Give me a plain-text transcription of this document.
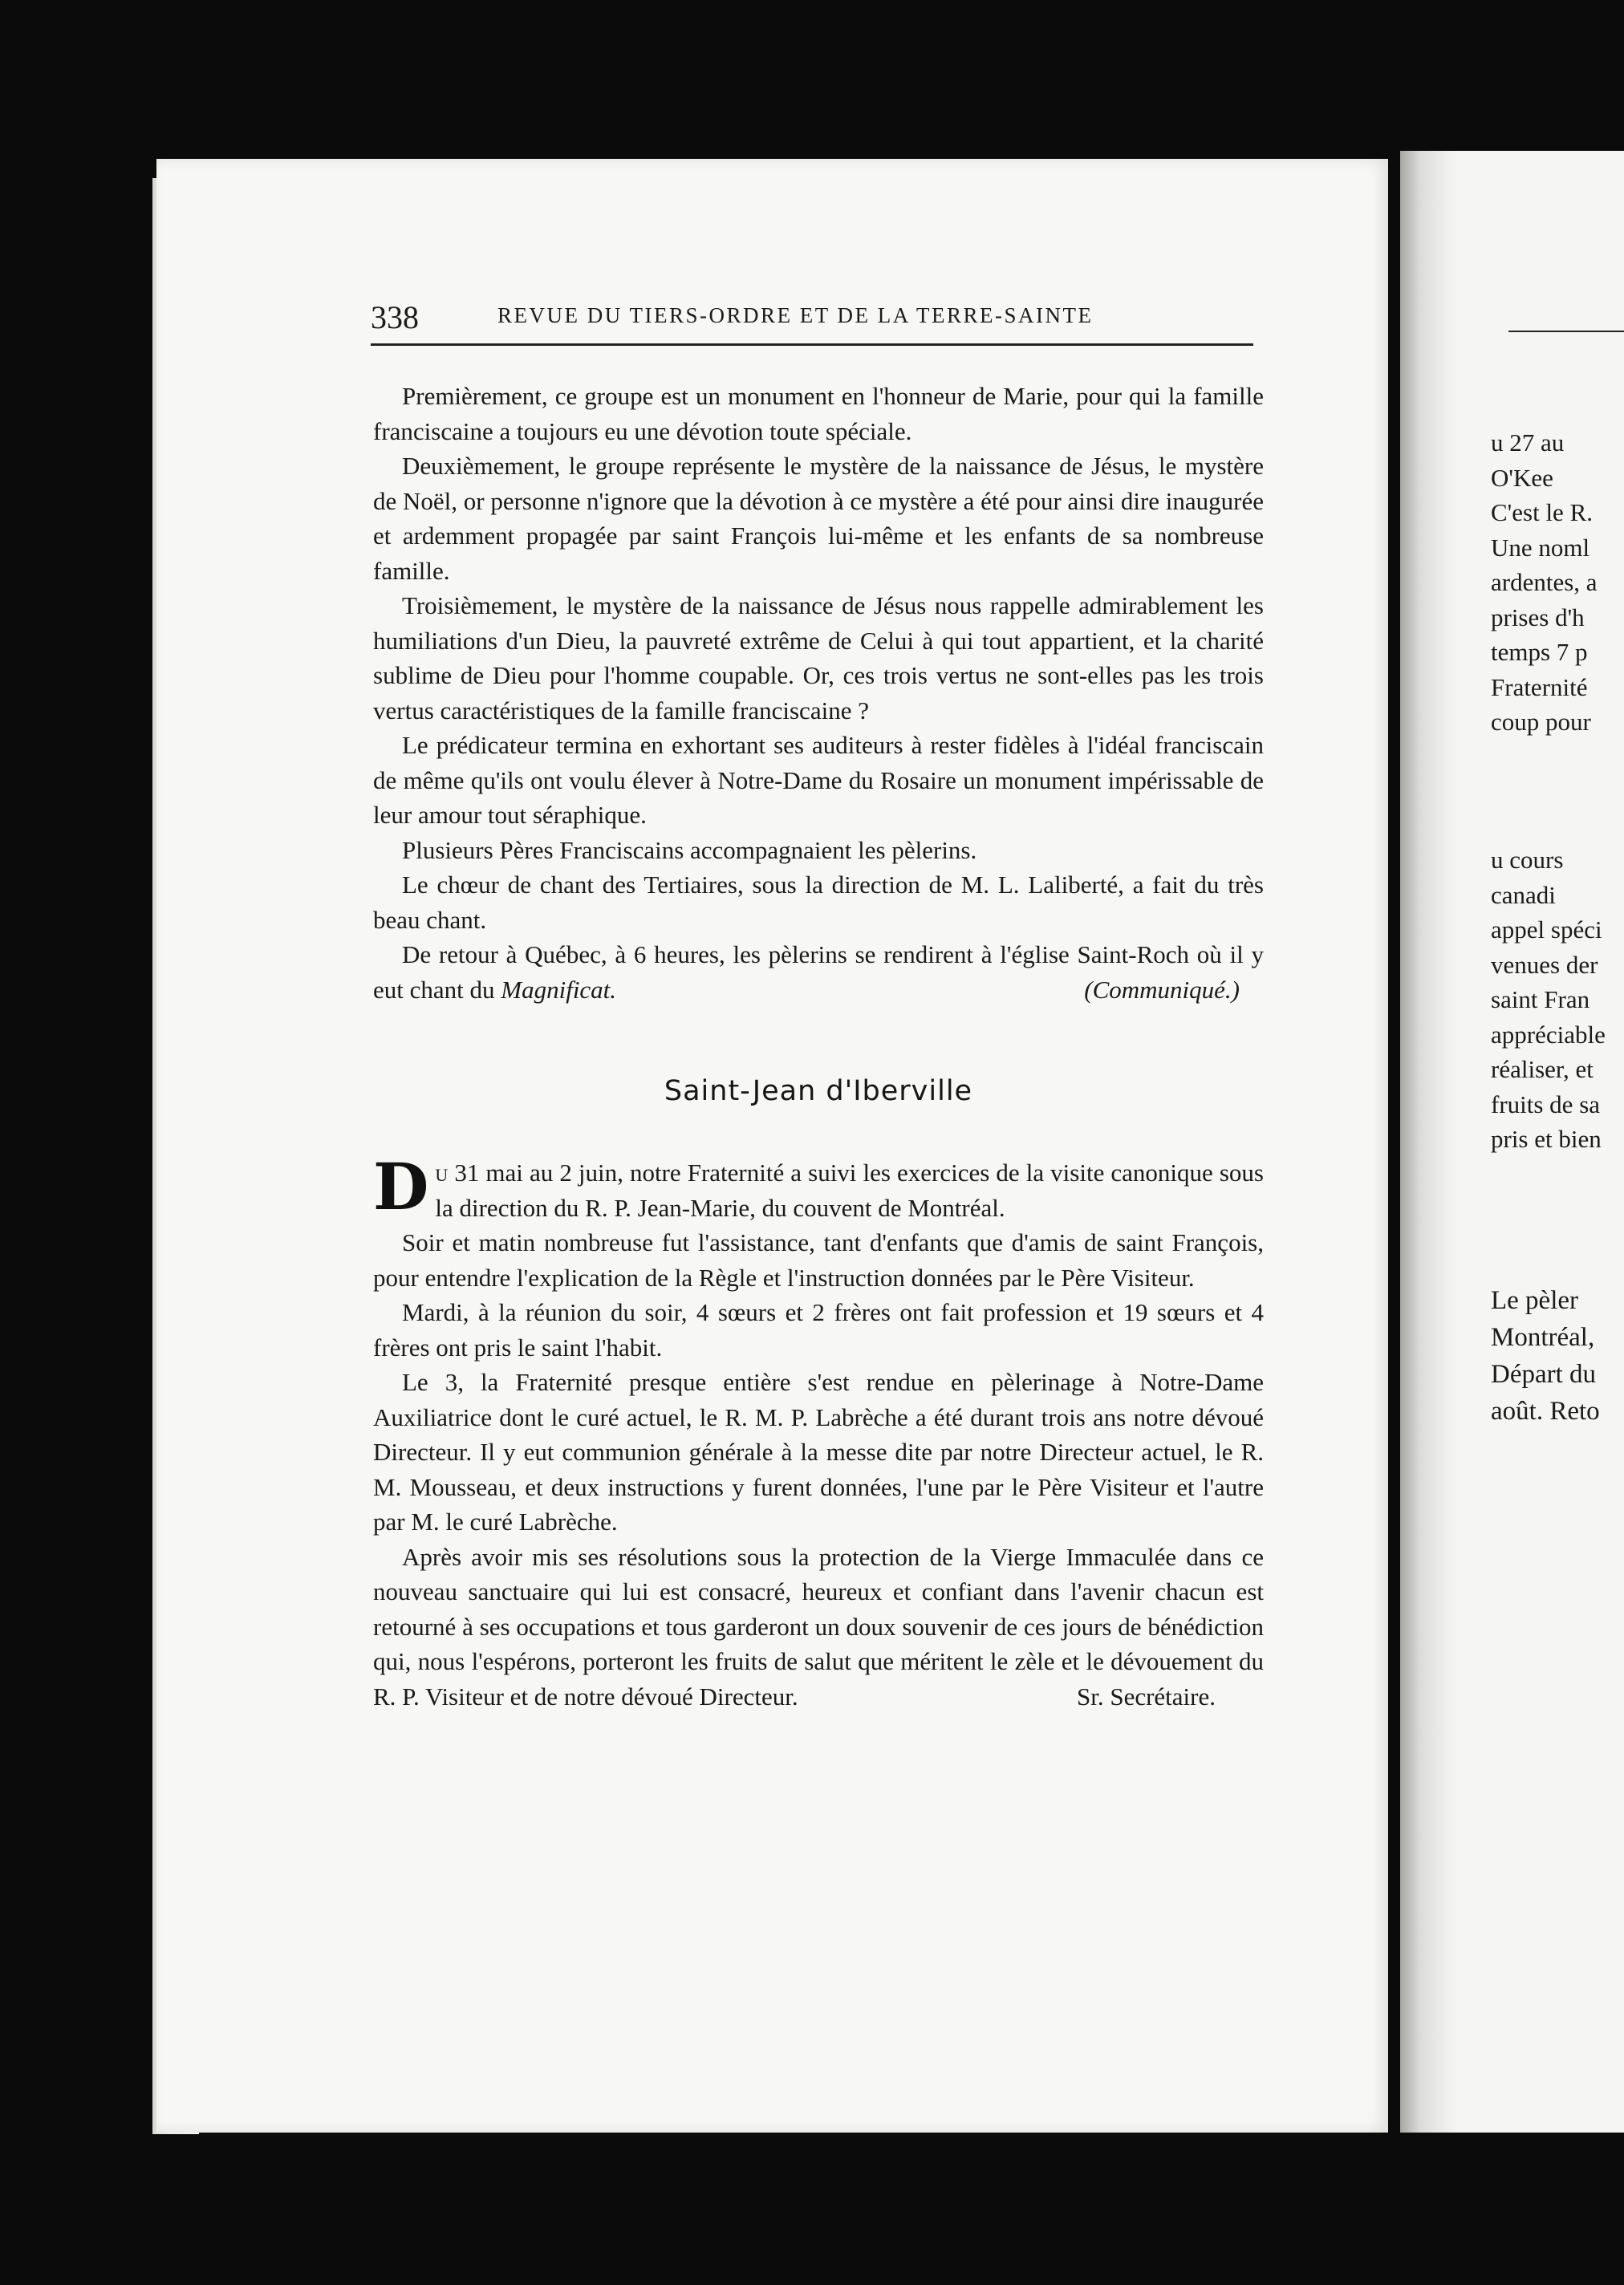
338	REVUE DU TIERS-ORDRE ET DE LA TERRE-SAINTE

Premièrement, ce groupe est un monument en l'honneur de Marie, pour qui la famille franciscaine a toujours eu une dévotion toute spéciale.

Deuxièmement, le groupe représente le mystère de la naissance de Jésus, le mystère de Noël, or personne n'ignore que la dévotion à ce mystère a été pour ainsi dire inaugurée et ardemment propagée par saint François lui-même et les enfants de sa nombreuse famille.

Troisièmement, le mystère de la naissance de Jésus nous rappelle admirablement les humiliations d'un Dieu, la pauvreté extrême de Celui à qui tout appartient, et la charité sublime de Dieu pour l'homme coupable. Or, ces trois vertus ne sont-elles pas les trois vertus caractéristiques de la famille franciscaine ?

Le prédicateur termina en exhortant ses auditeurs à rester fidèles à l'idéal franciscain de même qu'ils ont voulu élever à Notre-Dame du Rosaire un monument impérissable de leur amour tout séraphique.

Plusieurs Pères Franciscains accompagnaient les pèlerins.

Le chœur de chant des Tertiaires, sous la direction de M. L. Laliberté, a fait du très beau chant.

De retour à Québec, à 6 heures, les pèlerins se rendirent à l'église Saint-Roch où il y eut chant du Magnificat.	(Communiqué.)

Saint-Jean d'Iberville

Du 31 mai au 2 juin, notre Fraternité a suivi les exercices de la visite canonique sous la direction du R. P. Jean-Marie, du couvent de Montréal.

Soir et matin nombreuse fut l'assistance, tant d'enfants que d'amis de saint François, pour entendre l'explication de la Règle et l'instruction données par le Père Visiteur.

Mardi, à la réunion du soir, 4 sœurs et 2 frères ont fait profession et 19 sœurs et 4 frères ont pris le saint l'habit.

Le 3, la Fraternité presque entière s'est rendue en pèlerinage à Notre-Dame Auxiliatrice dont le curé actuel, le R. M. P. Labrèche a été durant trois ans notre dévoué Directeur. Il y eut communion générale à la messe dite par notre Directeur actuel, le R. M. Mousseau, et deux instructions y furent données, l'une par le Père Visiteur et l'autre par M. le curé Labrèche.

Après avoir mis ses résolutions sous la protection de la Vierge Immaculée dans ce nouveau sanctuaire qui lui est consacré, heureux et confiant dans l'avenir chacun est retourné à ses occupations et tous garderont un doux souvenir de ces jours de bénédiction qui, nous l'espérons, porteront les fruits de salut que méritent le zèle et le dévouement du R. P. Visiteur et de notre dévoué Directeur.	Sr. Secrétaire.

u 27 au

O'Kee

C'est le R.

Une noml

ardentes, a

prises d'h

temps 7 p

Fraternité

coup pour

u cours

canadi

appel spéci

venues der

saint Fran

appréciable

réaliser, et

fruits de sa

pris et bien

Le pèler

Montréal,

Départ du

août. Reto
